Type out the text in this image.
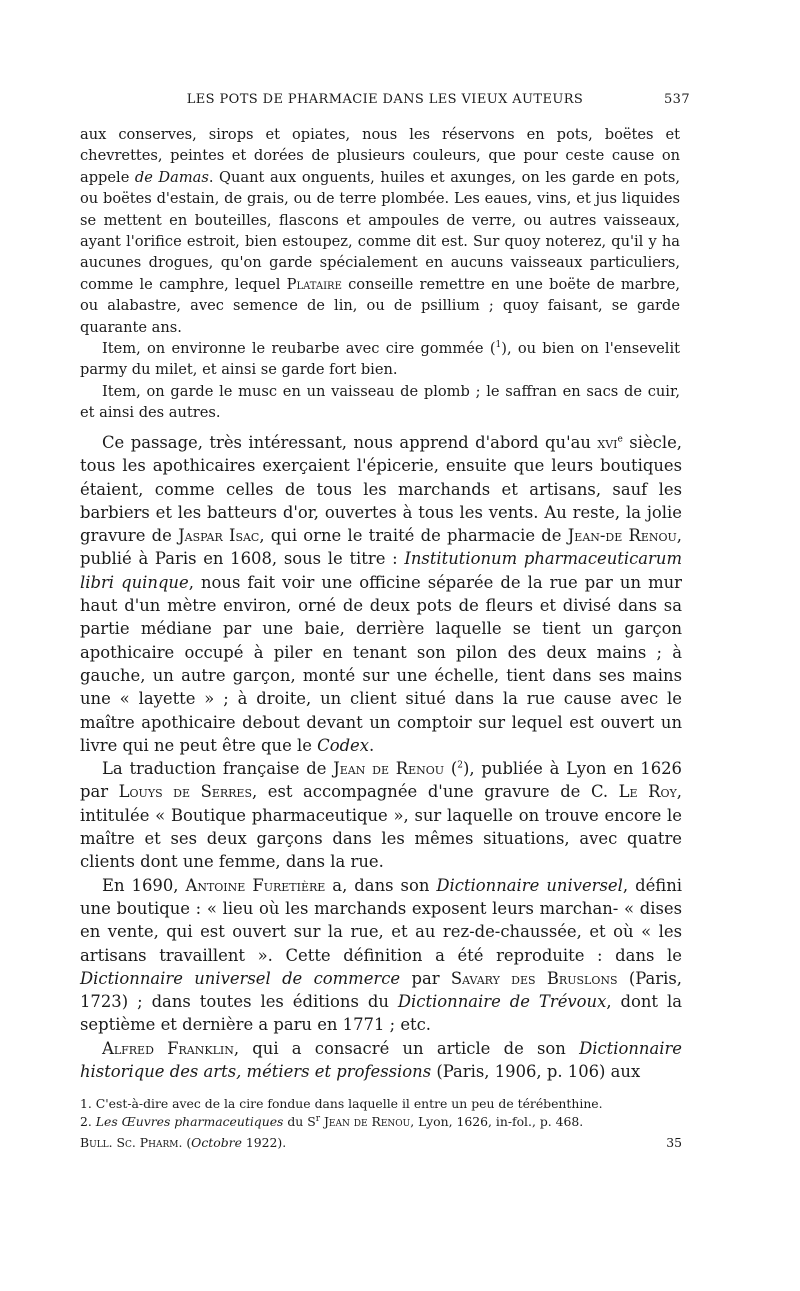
LES POTS DE PHARMACIE DANS LES VIEUX AUTEURS	537

aux conserves, sirops et opiates, nous les réservons en pots, boëtes et chevrettes, peintes et dorées de plusieurs couleurs, que pour ceste cause on appele de Damas. Quant aux onguents, huiles et axunges, on les garde en pots, ou boëtes d'estain, de grais, ou de terre plombée. Les eaues, vins, et jus liquides se mettent en bouteilles, flascons et ampoules de verre, ou autres vaisseaux, ayant l'orifice estroit, bien estoupez, comme dit est. Sur quoy noterez, qu'il y ha aucunes drogues, qu'on garde spécialement en aucuns vaisseaux particuliers, comme le camphre, lequel Plataire conseille remettre en une boëte de marbre, ou alabastre, avec semence de lin, ou de psillium ; quoy faisant, se garde quarante ans.

Item, on environne le reubarbe avec cire gommée ($^1$), ou bien on l'ensevelit parmy du milet, et ainsi se garde fort bien.

Item, on garde le musc en un vaisseau de plomb ; le saffran en sacs de cuir, et ainsi des autres.

Ce passage, très intéressant, nous apprend d'abord qu'au xvi$^e$ siècle, tous les apothicaires exerçaient l'épicerie, ensuite que leurs boutiques étaient, comme celles de tous les marchands et artisans, sauf les barbiers et les batteurs d'or, ouvertes à tous les vents. Au reste, la jolie gravure de Jaspar Isac, qui orne le traité de pharmacie de Jean-de Renou, publié à Paris en 1608, sous le titre : Institutionum pharmaceuticarum libri quinque, nous fait voir une officine séparée de la rue par un mur haut d'un mètre environ, orné de deux pots de fleurs et divisé dans sa partie médiane par une baie, derrière laquelle se tient un garçon apothicaire occupé à piler en tenant son pilon des deux mains ; à gauche, un autre garçon, monté sur une échelle, tient dans ses mains une « layette » ; à droite, un client situé dans la rue cause avec le maître apothicaire debout devant un comptoir sur lequel est ouvert un livre qui ne peut être que le Codex.

La traduction française de Jean de Renou ($^2$), publiée à Lyon en 1626 par Louys de Serres, est accompagnée d'une gravure de C. Le Roy, intitulée « Boutique pharmaceutique », sur laquelle on trouve encore le maître et ses deux garçons dans les mêmes situations, avec quatre clients dont une femme, dans la rue.

En 1690, Antoine Furetière a, dans son Dictionnaire universel, défini une boutique : « lieu où les marchands exposent leurs marchan- « dises en vente, qui est ouvert sur la rue, et au rez-de-chaussée, et où « les artisans travaillent ». Cette définition a été reproduite : dans le Dictionnaire universel de commerce par Savary des Bruslons (Paris, 1723) ; dans toutes les éditions du Dictionnaire de Trévoux, dont la septième et dernière a paru en 1771 ; etc.

Alfred Franklin, qui a consacré un article de son Dictionnaire historique des arts, métiers et professions (Paris, 1906, p. 106) aux

1. C'est-à-dire avec de la cire fondue dans laquelle il entre un peu de térébenthine.
2. Les Œuvres pharmaceutiques du $S^r$ Jean de Renou, Lyon, 1626, in-fol., p. 468.
Bull. Sc. Pharm. (Octobre 1922).	35
